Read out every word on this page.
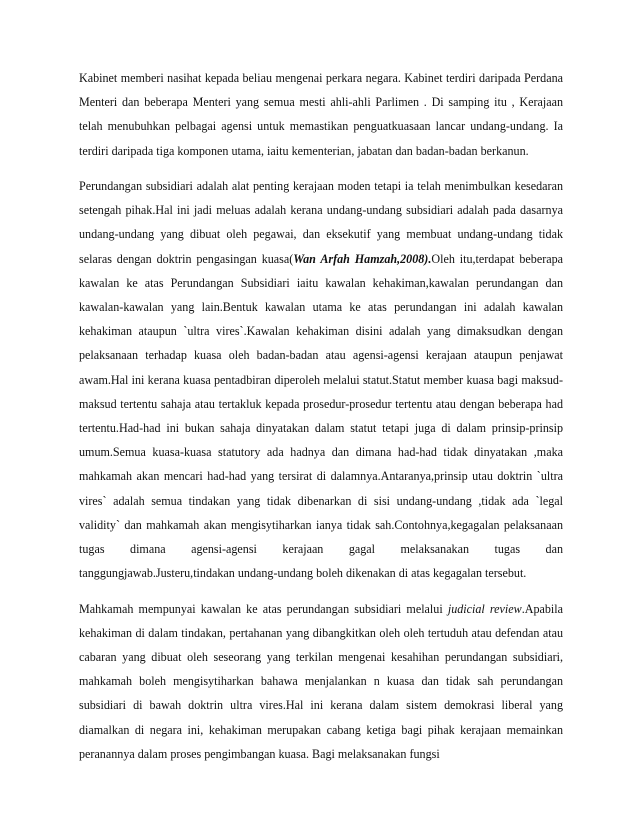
Kabinet memberi nasihat kepada beliau mengenai perkara negara. Kabinet terdiri daripada Perdana Menteri dan beberapa Menteri yang semua mesti ahli-ahli Parlimen . Di samping itu , Kerajaan telah menubuhkan pelbagai agensi untuk memastikan penguatkuasaan lancar undang-undang. Ia terdiri daripada tiga komponen utama, iaitu kementerian, jabatan dan badan-badan berkanun.

Perundangan subsidiari adalah alat penting kerajaan moden tetapi ia telah menimbulkan kesedaran setengah pihak.Hal ini jadi meluas adalah kerana undang-undang subsidiari adalah pada dasarnya undang-undang yang dibuat oleh pegawai, dan eksekutif yang membuat undang-undang tidak selaras dengan doktrin pengasingan kuasa(Wan Arfah Hamzah,2008).Oleh itu,terdapat beberapa kawalan ke atas Perundangan Subsidiari iaitu kawalan kehakiman,kawalan perundangan dan kawalan-kawalan yang lain.Bentuk kawalan utama ke atas perundangan ini adalah kawalan kehakiman ataupun `ultra vires`.Kawalan kehakiman disini adalah yang dimaksudkan dengan pelaksanaan terhadap kuasa oleh badan-badan atau agensi-agensi kerajaan ataupun penjawat awam.Hal ini kerana kuasa pentadbiran diperoleh melalui statut.Statut member kuasa bagi maksud-maksud tertentu sahaja atau tertakluk kepada prosedur-prosedur tertentu atau dengan beberapa had tertentu.Had-had ini bukan sahaja dinyatakan dalam statut tetapi juga di dalam prinsip-prinsip umum.Semua kuasa-kuasa statutory ada hadnya dan dimana had-had tidak dinyatakan ,maka mahkamah akan mencari had-had yang tersirat di dalamnya.Antaranya,prinsip utau doktrin `ultra vires` adalah semua tindakan yang tidak dibenarkan di sisi undang-undang ,tidak ada `legal validity` dan mahkamah akan mengisytiharkan ianya tidak sah.Contohnya,kegagalan pelaksanaan tugas dimana agensi-agensi kerajaan gagal melaksanakan tugas dan tanggungjawab.Justeru,tindakan undang-undang boleh dikenakan di atas kegagalan tersebut.

Mahkamah mempunyai kawalan ke atas perundangan subsidiari melalui judicial review.Apabila kehakiman di dalam tindakan, pertahanan yang dibangkitkan oleh oleh tertuduh atau defendan atau cabaran yang dibuat oleh seseorang yang terkilan mengenai kesahihan perundangan subsidiari, mahkamah boleh mengisytiharkan bahawa menjalankan n kuasa dan tidak sah perundangan subsidiari di bawah doktrin ultra vires.Hal ini kerana dalam sistem demokrasi liberal yang diamalkan di negara ini, kehakiman merupakan cabang ketiga bagi pihak kerajaan memainkan peranannya dalam proses pengimbangan kuasa. Bagi melaksanakan fungsi
